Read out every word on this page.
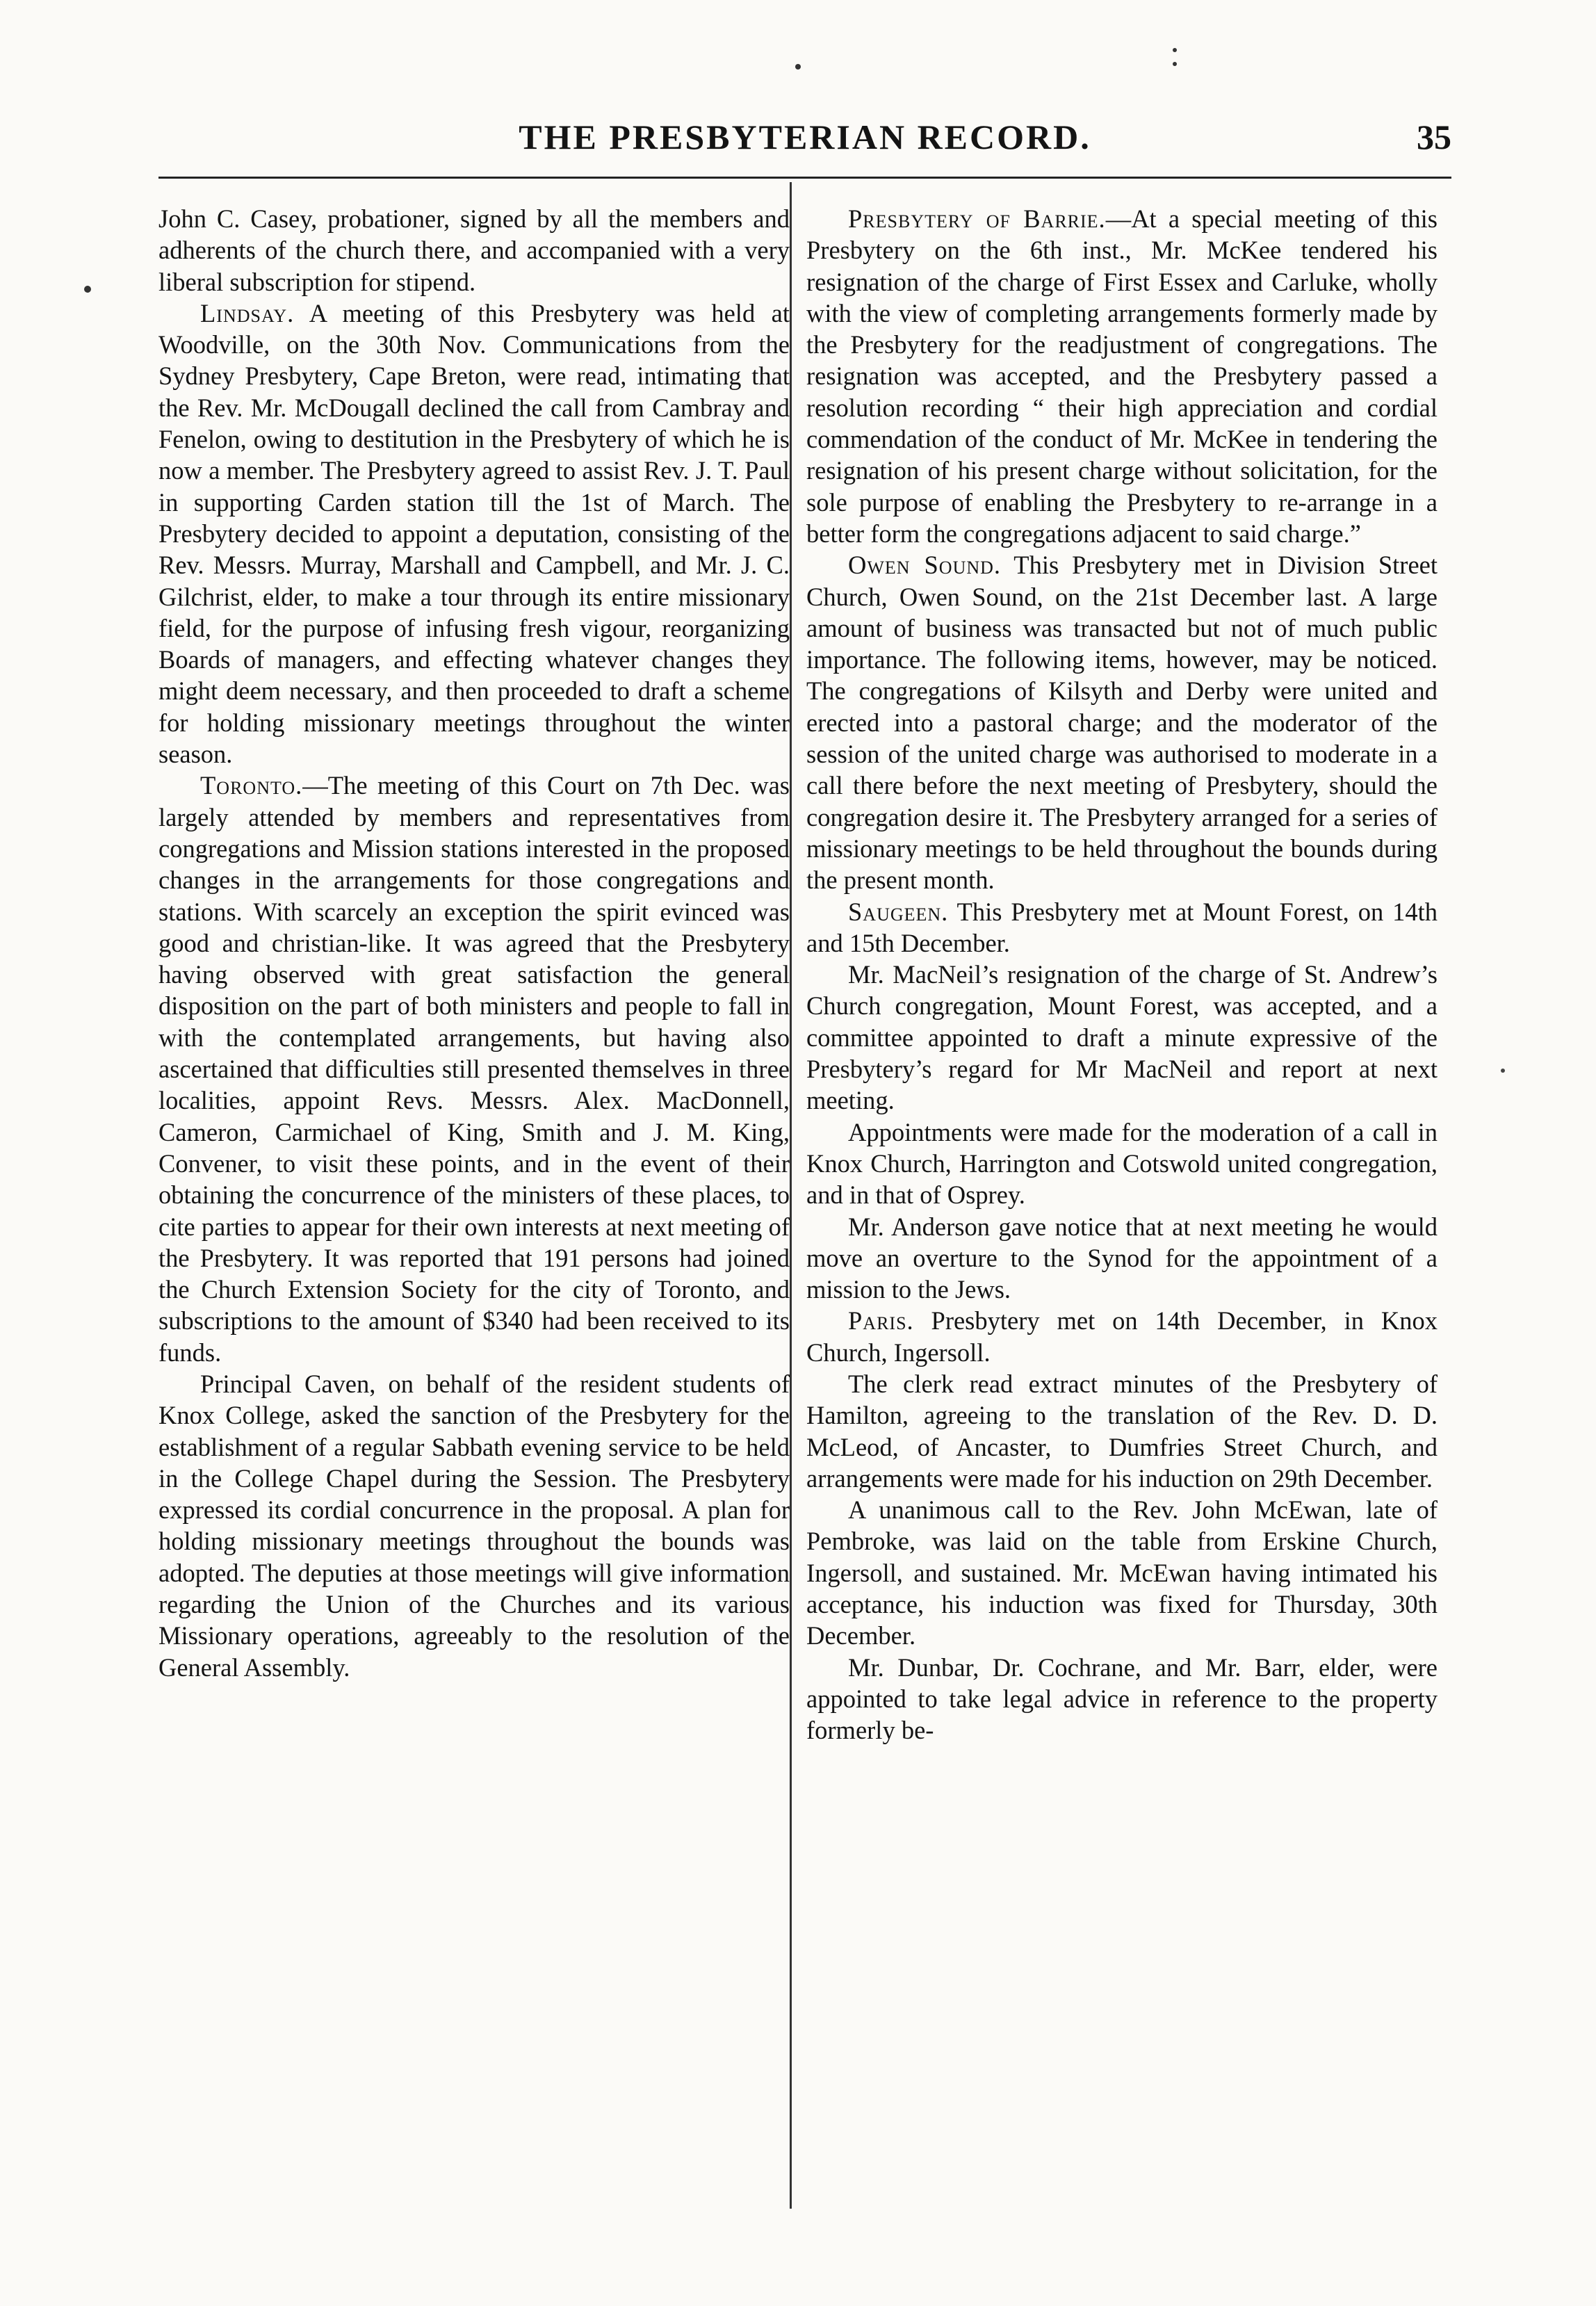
THE PRESBYTERIAN RECORD.	35

John C. Casey, probationer, signed by all the members and adherents of the church there, and accompanied with a very liberal subscription for stipend.

Lindsay. A meeting of this Presbytery was held at Woodville, on the 30th Nov. Communications from the Sydney Presbytery, Cape Breton, were read, intimating that the Rev. Mr. McDougall declined the call from Cambray and Fenelon, owing to destitution in the Presbytery of which he is now a member. The Presbytery agreed to assist Rev. J. T. Paul in supporting Carden station till the 1st of March. The Presbytery decided to appoint a deputation, consisting of the Rev. Messrs. Murray, Marshall and Campbell, and Mr. J. C. Gilchrist, elder, to make a tour through its entire missionary field, for the purpose of infusing fresh vigour, reorganizing Boards of managers, and effecting whatever changes they might deem necessary, and then proceeded to draft a scheme for holding missionary meetings throughout the winter season.

Toronto.—The meeting of this Court on 7th Dec. was largely attended by members and representatives from congregations and Mission stations interested in the proposed changes in the arrangements for those congregations and stations. With scarcely an exception the spirit evinced was good and christian-like. It was agreed that the Presbytery having observed with great satisfaction the general disposition on the part of both ministers and people to fall in with the contemplated arrangements, but having also ascertained that difficulties still presented themselves in three localities, appoint Revs. Messrs. Alex. MacDonnell, Cameron, Carmichael of King, Smith and J. M. King, Convener, to visit these points, and in the event of their obtaining the concurrence of the ministers of these places, to cite parties to appear for their own interests at next meeting of the Presbytery. It was reported that 191 persons had joined the Church Extension Society for the city of Toronto, and subscriptions to the amount of $340 had been received to its funds.

Principal Caven, on behalf of the resident students of Knox College, asked the sanction of the Presbytery for the establishment of a regular Sabbath evening service to be held in the College Chapel during the Session. The Presbytery expressed its cordial concurrence in the proposal. A plan for holding missionary meetings throughout the bounds was adopted. The deputies at those meetings will give information regarding the Union of the Churches and its various Missionary operations, agreeably to the resolution of the General Assembly.

Presbytery of Barrie.—At a special meeting of this Presbytery on the 6th inst., Mr. McKee tendered his resignation of the charge of First Essex and Carluke, wholly with the view of completing arrangements formerly made by the Presbytery for the readjustment of congregations. The resignation was accepted, and the Presbytery passed a resolution recording “ their high appreciation and cordial commendation of the conduct of Mr. McKee in tendering the resignation of his present charge without solicitation, for the sole purpose of enabling the Presbytery to re-arrange in a better form the congregations adjacent to said charge.”

Owen Sound. This Presbytery met in Division Street Church, Owen Sound, on the 21st December last. A large amount of business was transacted but not of much public importance. The following items, however, may be noticed. The congregations of Kilsyth and Derby were united and erected into a pastoral charge; and the moderator of the session of the united charge was authorised to moderate in a call there before the next meeting of Presbytery, should the congregation desire it. The Presbytery arranged for a series of missionary meetings to be held throughout the bounds during the present month.

Saugeen. This Presbytery met at Mount Forest, on 14th and 15th December.

Mr. MacNeil’s resignation of the charge of St. Andrew’s Church congregation, Mount Forest, was accepted, and a committee appointed to draft a minute expressive of the Presbytery’s regard for Mr MacNeil and report at next meeting.

Appointments were made for the moderation of a call in Knox Church, Harrington and Cotswold united congregation, and in that of Osprey.

Mr. Anderson gave notice that at next meeting he would move an overture to the Synod for the appointment of a mission to the Jews.

Paris. Presbytery met on 14th December, in Knox Church, Ingersoll.

The clerk read extract minutes of the Presbytery of Hamilton, agreeing to the translation of the Rev. D. D. McLeod, of Ancaster, to Dumfries Street Church, and arrangements were made for his induction on 29th December.

A unanimous call to the Rev. John McEwan, late of Pembroke, was laid on the table from Erskine Church, Ingersoll, and sustained. Mr. McEwan having intimated his acceptance, his induction was fixed for Thursday, 30th December.

Mr. Dunbar, Dr. Cochrane, and Mr. Barr, elder, were appointed to take legal advice in reference to the property formerly be-
